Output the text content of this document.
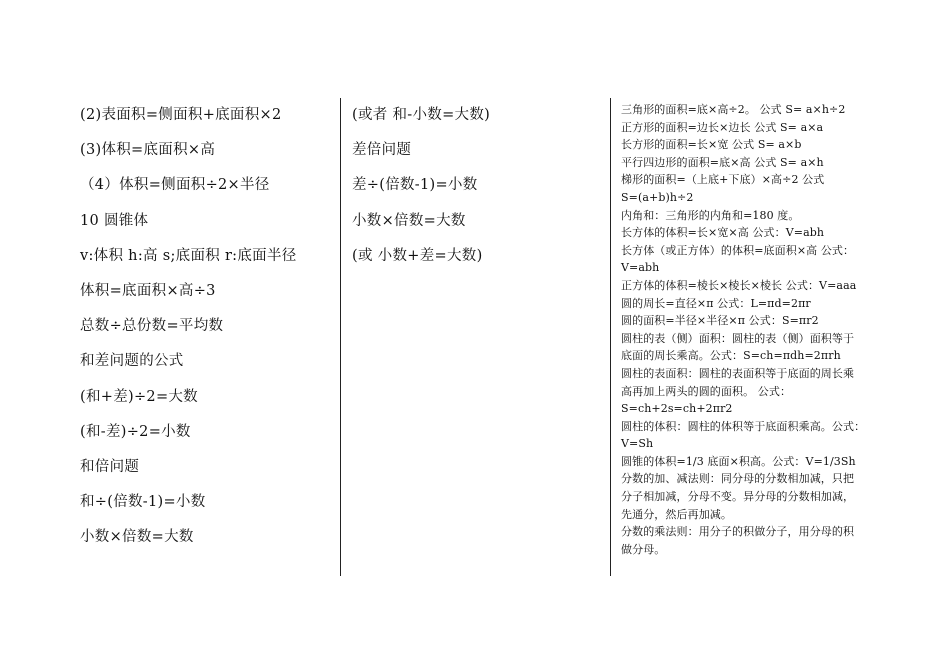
(2)表面积=侧面积+底面积×2
(3)体积=底面积×高
（4）体积=侧面积÷2×半径
10 圆锥体
v:体积 h:高 s;底面积 r:底面半径
体积=底面积×高÷3
总数÷总份数=平均数
和差问题的公式
(和+差)÷2=大数
(和-差)÷2=小数
和倍问题
和÷(倍数-1)=小数
小数×倍数=大数
(或者 和-小数=大数)
差倍问题
差÷(倍数-1)=小数
小数×倍数=大数
(或 小数+差=大数)
三角形的面积=底×高÷2。 公式 S= a×h÷2
正方形的面积=边长×边长 公式 S= a×a
长方形的面积=长×宽 公式 S= a×b
平行四边形的面积=底×高 公式 S= a×h
梯形的面积=（上底+下底）×高÷2 公式
S=(a+b)h÷2
内角和：三角形的内角和=180 度。
长方体的体积=长×宽×高 公式：V=abh
长方体（或正方体）的体积=底面积×高 公式：
V=abh
正方体的体积=棱长×棱长×棱长 公式：V=aaa
圆的周长=直径×π 公式：L=πd=2πr
圆的面积=半径×半径×π 公式：S=πr2
圆柱的表（侧）面积：圆柱的表（侧）面积等于
底面的周长乘高。公式：S=ch=πdh=2πrh
圆柱的表面积：圆柱的表面积等于底面的周长乘
高再加上两头的圆的面积。 公式：
S=ch+2s=ch+2πr2
圆柱的体积：圆柱的体积等于底面积乘高。公式：
V=Sh
圆锥的体积=1/3 底面×积高。公式：V=1/3Sh
分数的加、减法则：同分母的分数相加减，只把
分子相加减，分母不变。异分母的分数相加减，
先通分，然后再加减。
分数的乘法则：用分子的积做分子，用分母的积
做分母。
